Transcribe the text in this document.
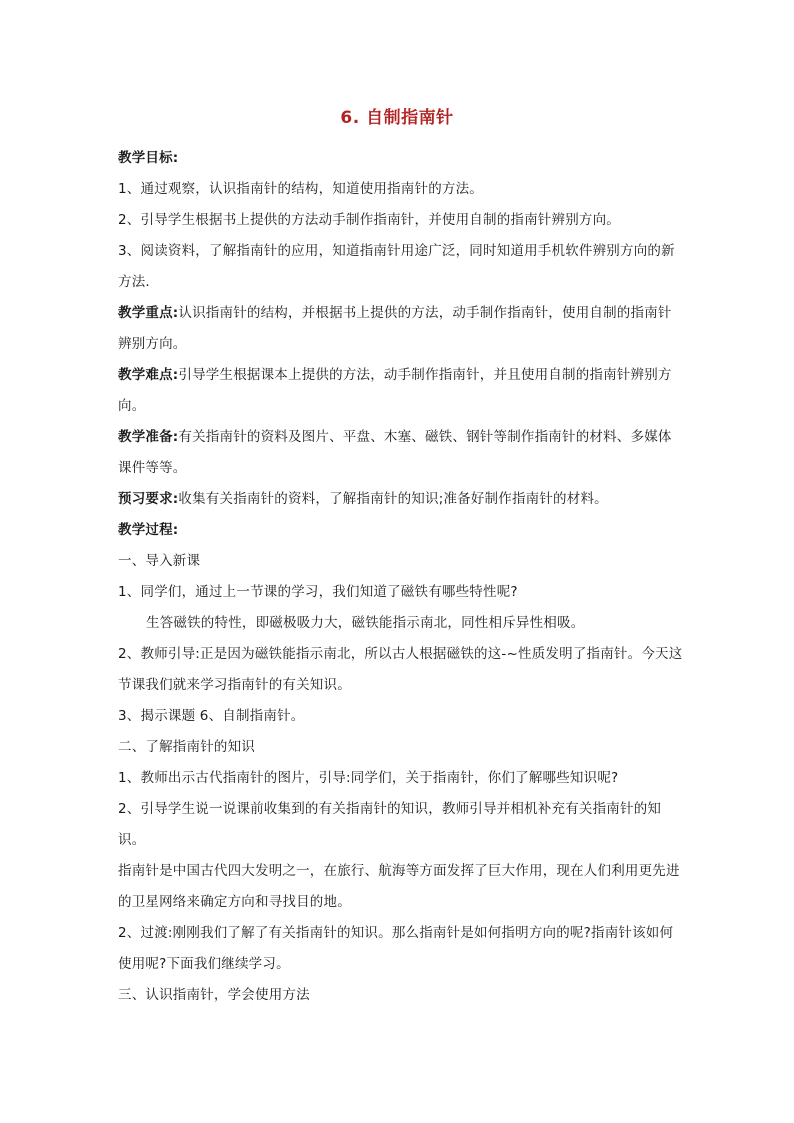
6. 自制指南针
教学目标:
1、通过观察，认识指南针的结构，知道使用指南针的方法。
2、引导学生根据书上提供的方法动手制作指南针，并使用自制的指南针辨别方向。
3、阅读资料，了解指南针的应用，知道指南针用途广泛，同时知道用手机软件辨别方向的新方法.
教学重点:认识指南针的结构，并根据书上提供的方法，动手制作指南针，使用自制的指南针辨别方向。
教学难点:引导学生根据课本上提供的方法，动手制作指南针，并且使用自制的指南针辨别方向。
教学准备:有关指南针的资料及图片、平盘、木塞、磁铁、钢针等制作指南针的材料、多媒体课件等等。
预习要求:收集有关指南针的资料，了解指南针的知识;准备好制作指南针的材料。
教学过程:
一、导入新课
1、同学们，通过上一节课的学习，我们知道了磁铁有哪些特性呢?
生答磁铁的特性，即磁极吸力大，磁铁能指示南北，同性相斥异性相吸。
2、教师引导:正是因为磁铁能指示南北，所以古人根据磁铁的这-~性质发明了指南针。今天这节课我们就来学习指南针的有关知识。
3、揭示课题 6、自制指南针。
二、了解指南针的知识
1、教师出示古代指南针的图片，引导:同学们，关于指南针，你们了解哪些知识呢?
2、引导学生说一说课前收集到的有关指南针的知识，教师引导并相机补充有关指南针的知识。
指南针是中国古代四大发明之一，在旅行、航海等方面发挥了巨大作用，现在人们利用更先进的卫星网络来确定方向和寻找目的地。
2、过渡:刚刚我们了解了有关指南针的知识。那么指南针是如何指明方向的呢?指南针该如何使用呢?下面我们继续学习。
三、认识指南针，学会使用方法
